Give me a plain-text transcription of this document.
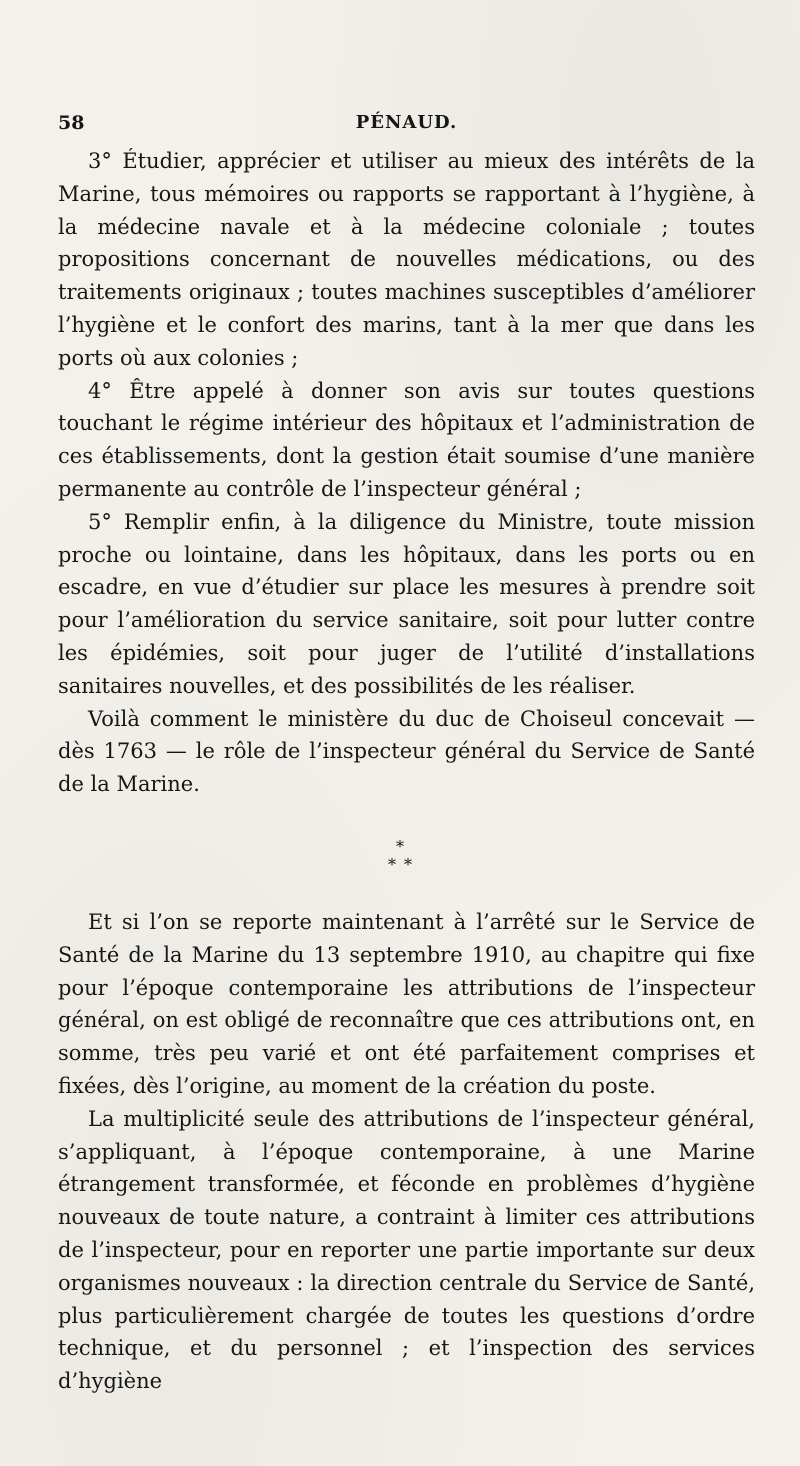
58	PÉNAUD.

3° Étudier, apprécier et utiliser au mieux des intérêts de la Marine, tous mémoires ou rapports se rapportant à l’hygiène, à la médecine navale et à la médecine coloniale ; toutes propositions concernant de nouvelles médications, ou des traitements originaux ; toutes machines susceptibles d’améliorer l’hygiène et le confort des marins, tant à la mer que dans les ports où aux colonies ;

4° Être appelé à donner son avis sur toutes questions touchant le régime intérieur des hôpitaux et l’administration de ces établissements, dont la gestion était soumise d’une manière permanente au contrôle de l’inspecteur général ;

5° Remplir enfin, à la diligence du Ministre, toute mission proche ou lointaine, dans les hôpitaux, dans les ports ou en escadre, en vue d’étudier sur place les mesures à prendre soit pour l’amélioration du service sanitaire, soit pour lutter contre les épidémies, soit pour juger de l’utilité d’installations sanitaires nouvelles, et des possibilités de les réaliser.

Voilà comment le ministère du duc de Choiseul concevait — dès 1763 — le rôle de l’inspecteur général du Service de Santé de la Marine.

*
**

Et si l’on se reporte maintenant à l’arrêté sur le Service de Santé de la Marine du 13 septembre 1910, au chapitre qui fixe pour l’époque contemporaine les attributions de l’inspecteur général, on est obligé de reconnaître que ces attributions ont, en somme, très peu varié et ont été parfaitement comprises et fixées, dès l’origine, au moment de la création du poste.

La multiplicité seule des attributions de l’inspecteur général, s’appliquant, à l’époque contemporaine, à une Marine étrangement transformée, et féconde en problèmes d’hygiène nouveaux de toute nature, a contraint à limiter ces attributions de l’inspecteur, pour en reporter une partie importante sur deux organismes nouveaux : la direction centrale du Service de Santé, plus particulièrement chargée de toutes les questions d’ordre technique, et du personnel ; et l’inspection des services d’hygiène
